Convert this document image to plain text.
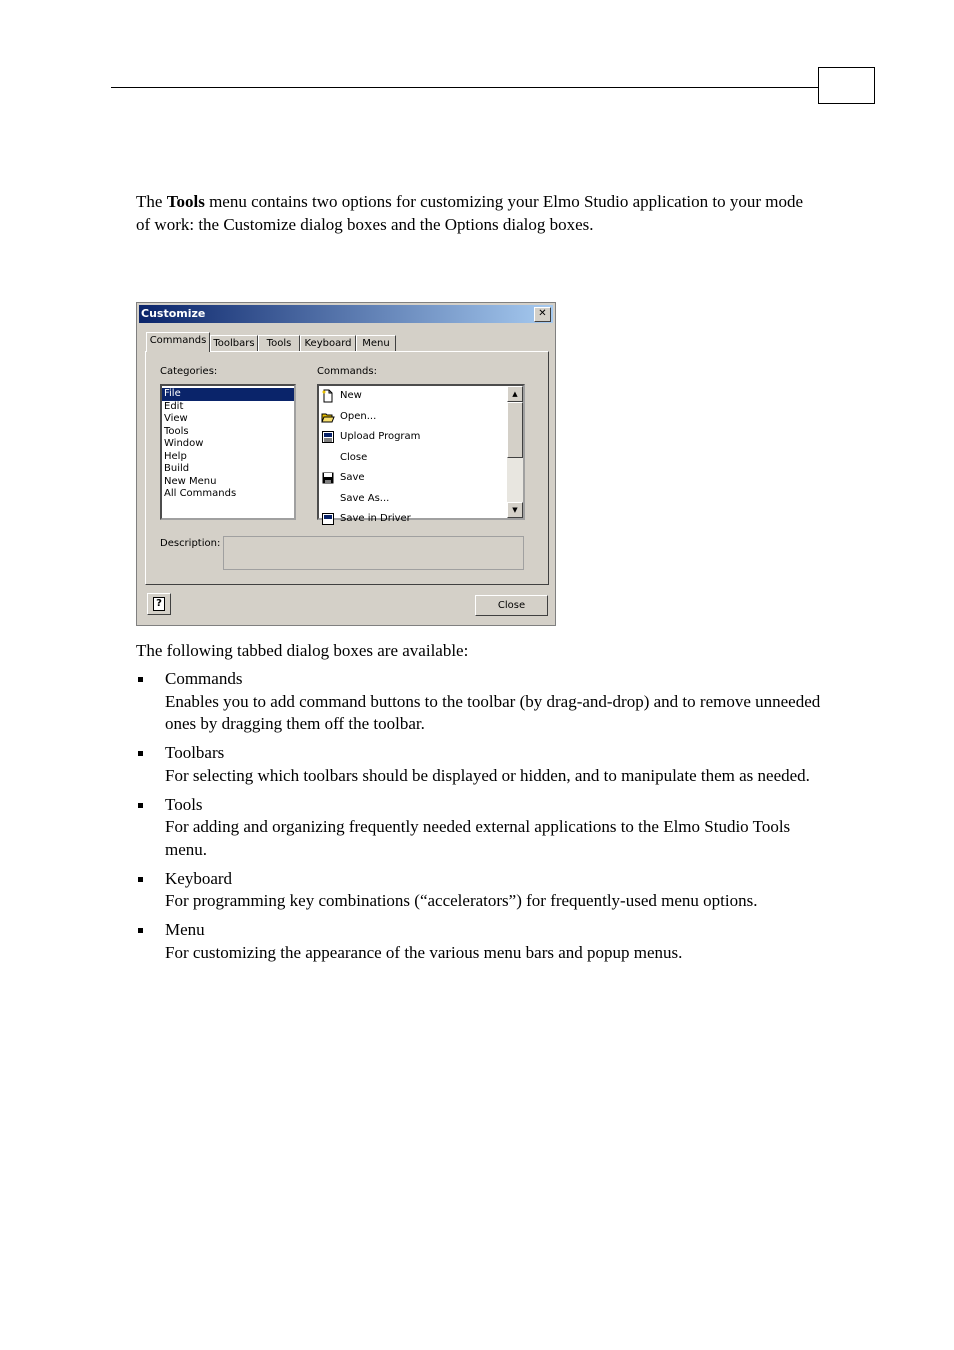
The Tools menu contains two options for customizing your Elmo Studio application to your mode of work: the Customize dialog boxes and the Options dialog boxes.

Customize	✕
Commands Toolbars	Tools	Keyboard	Menu
Categories:
File
Edit
View
Tools
Window
Help
Build
New Menu
All Commands
Commands:
New
Open...
Upload Program
Close
Save
Save As...
Save in Driver
▲
▼
Description:
?	Close

The following tabbed dialog boxes are available:

Commands
Enables you to add command buttons to the toolbar (by drag-and-drop) and to remove unneeded ones by dragging them off the toolbar.
Toolbars
For selecting which toolbars should be displayed or hidden, and to manipulate them as needed.
Tools
For adding and organizing frequently needed external applications to the Elmo Studio Tools menu.
Keyboard
For programming key combinations (“accelerators”) for frequently-used menu options.
Menu
For customizing the appearance of the various menu bars and popup menus.
